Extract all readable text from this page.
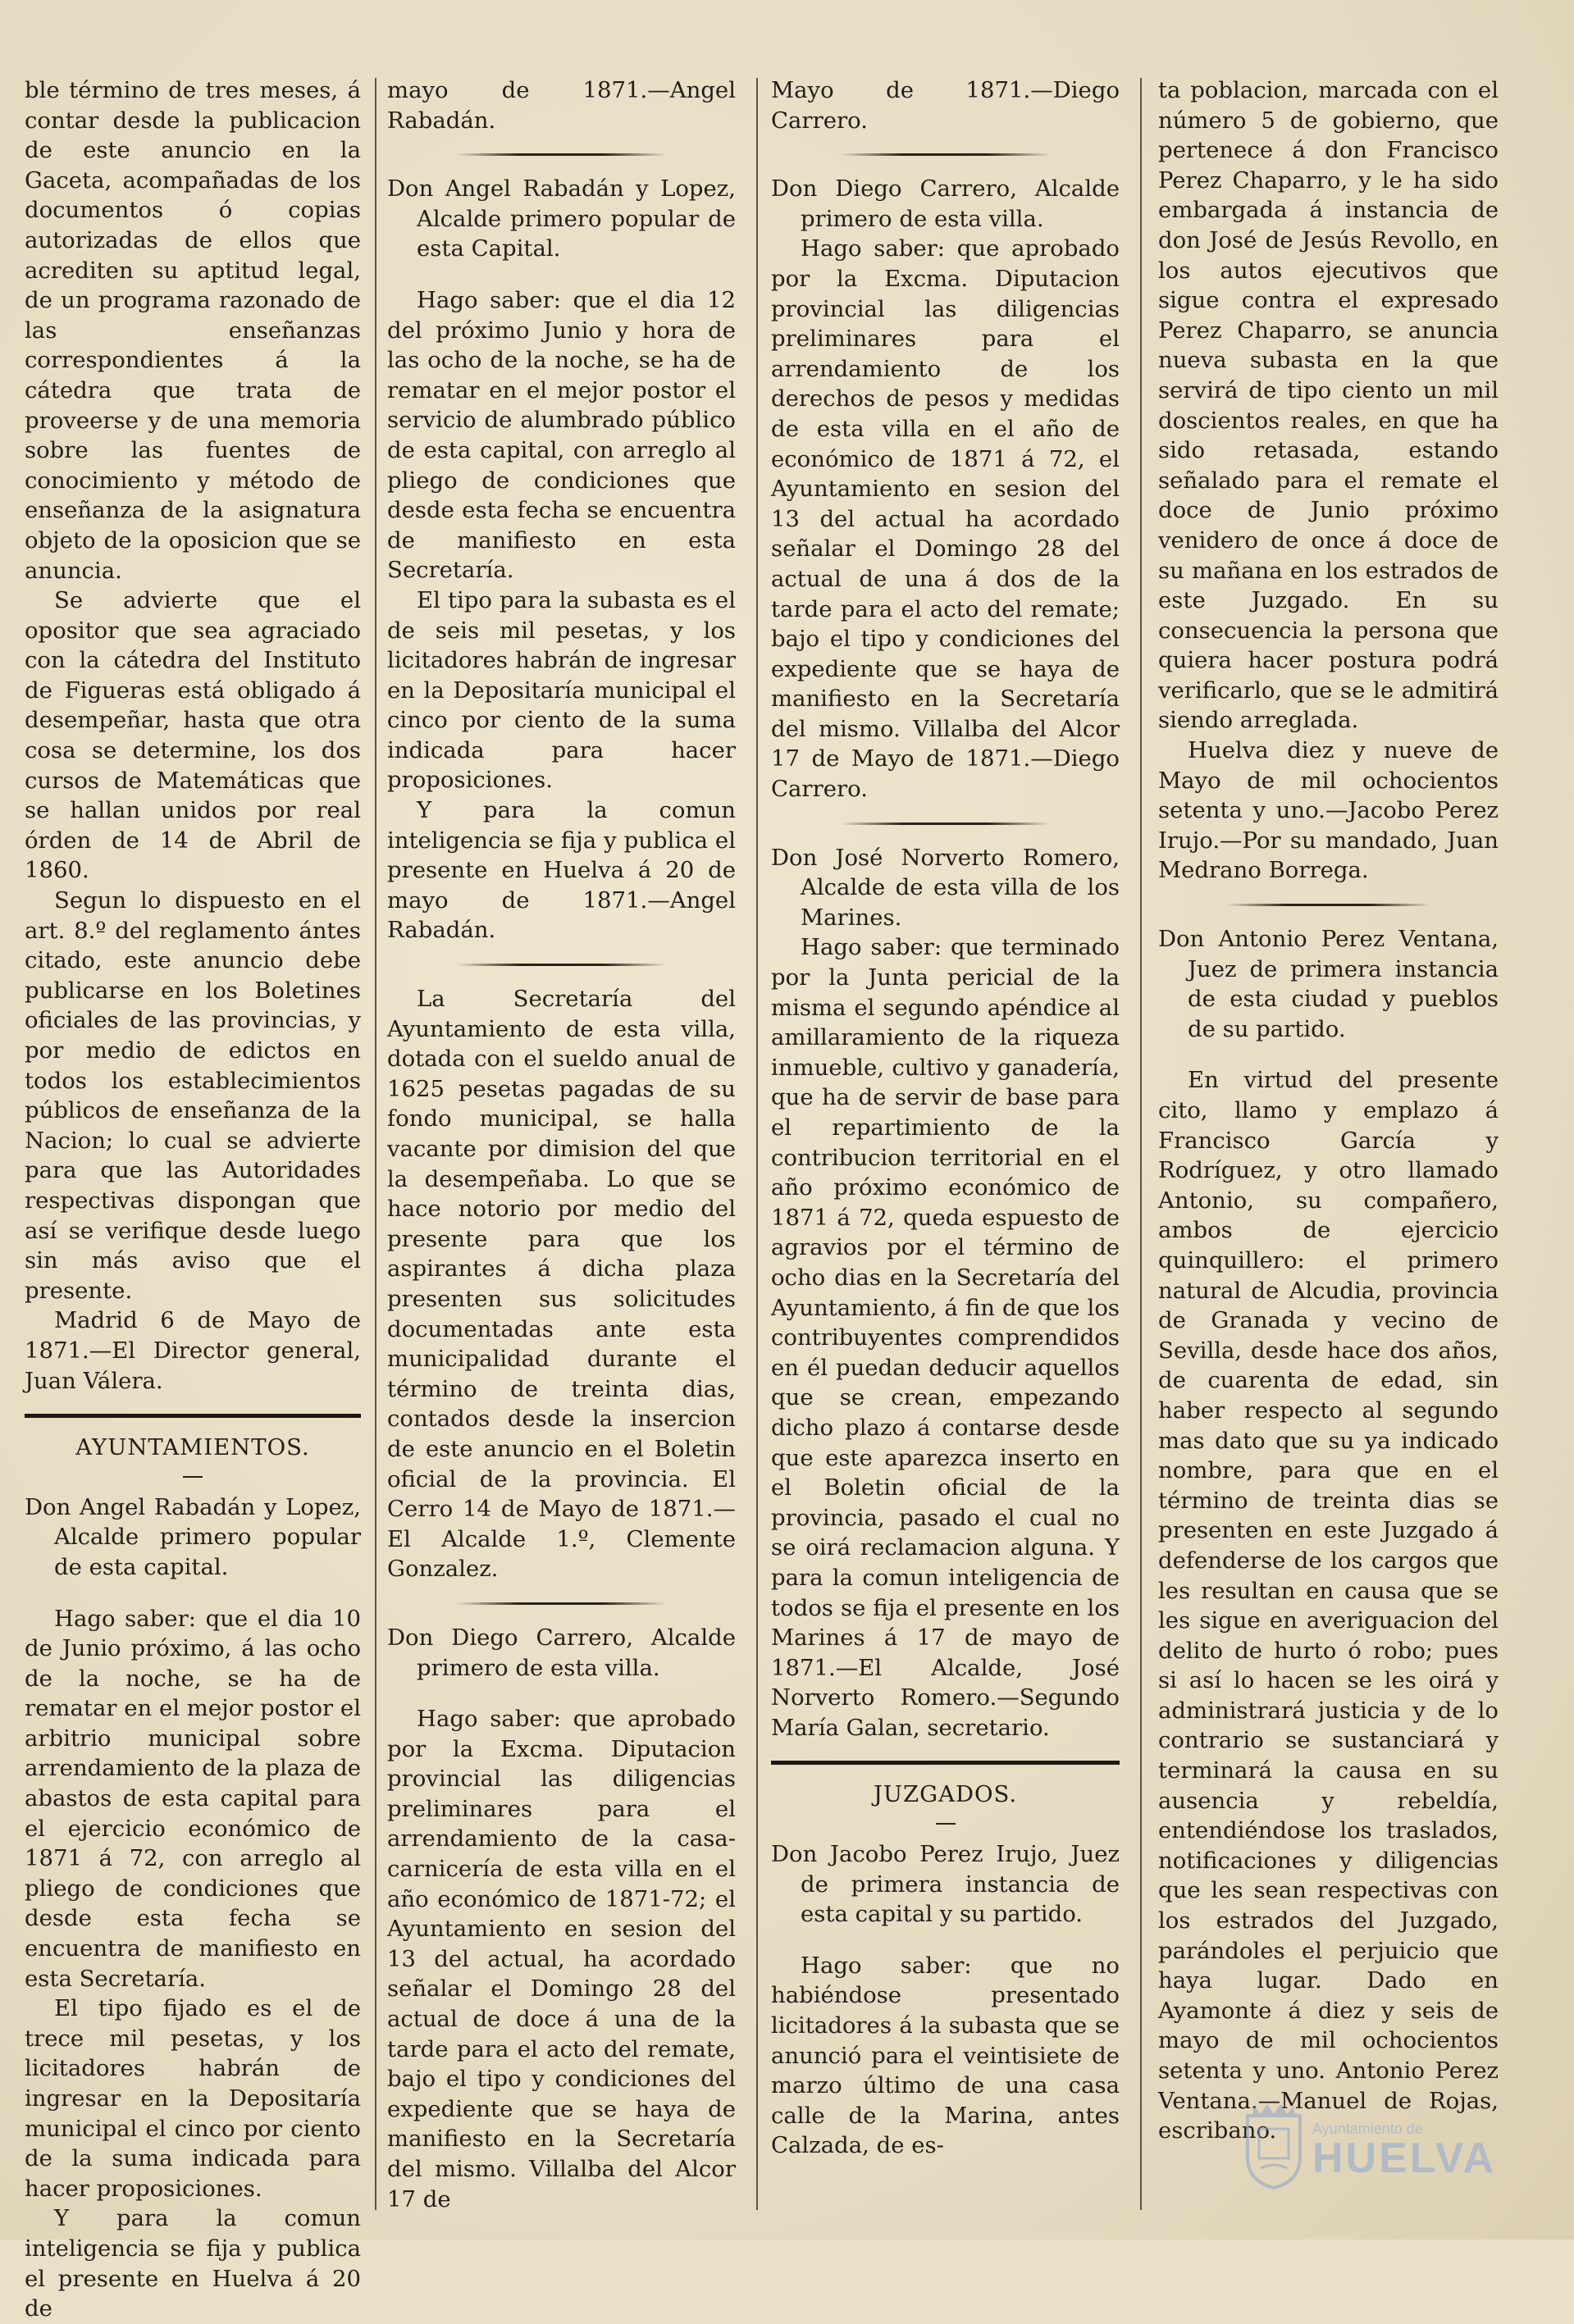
ble término de tres meses, á contar desde la publicacion de este anuncio en la Gaceta, acompañadas de los documentos ó copias autorizadas de ellos que acrediten su aptitud legal, de un programa razonado de las enseñanzas correspondientes á la cátedra que trata de proveerse y de una memoria sobre las fuentes de conocimiento y método de enseñanza de la asignatura objeto de la oposicion que se anuncia.

Se advierte que el opositor que sea agraciado con la cátedra del Instituto de Figueras está obligado á desempeñar, hasta que otra cosa se determine, los dos cursos de Matemáticas que se hallan unidos por real órden de 14 de Abril de 1860.

Segun lo dispuesto en el art. 8.º del reglamento ántes citado, este anuncio debe publicarse en los Boletines oficiales de las provincias, y por medio de edictos en todos los establecimientos públicos de enseñanza de la Nacion; lo cual se advierte para que las Autoridades respectivas dispongan que así se verifique desde luego sin más aviso que el presente.

Madrid 6 de Mayo de 1871.—El Director general, Juan Válera.

AYUNTAMIENTOS.

Don Angel Rabadán y Lopez, Alcalde primero popular de esta capital.

Hago saber: que el dia 10 de Junio próximo, á las ocho de la noche, se ha de rematar en el mejor postor el arbitrio municipal sobre arrendamiento de la plaza de abastos de esta capital para el ejercicio económico de 1871 á 72, con arreglo al pliego de condiciones que desde esta fecha se encuentra de manifiesto en esta Secretaría.

El tipo fijado es el de trece mil pesetas, y los licitadores habrán de ingresar en la Depositaría municipal el cinco por ciento de la suma indicada para hacer proposiciones.

Y para la comun inteligencia se fija y publica el presente en Huelva á 20 de

mayo de 1871.—Angel Rabadán.

Don Angel Rabadán y Lopez, Alcalde primero popular de esta Capital.

Hago saber: que el dia 12 del próximo Junio y hora de las ocho de la noche, se ha de rematar en el mejor postor el servicio de alumbrado público de esta capital, con arreglo al pliego de condiciones que desde esta fecha se encuentra de manifiesto en esta Secretaría.

El tipo para la subasta es el de seis mil pesetas, y los licitadores habrán de ingresar en la Depositaría municipal el cinco por ciento de la suma indicada para hacer proposiciones.

Y para la comun inteligencia se fija y publica el presente en Huelva á 20 de mayo de 1871.—Angel Rabadán.

La Secretaría del Ayuntamiento de esta villa, dotada con el sueldo anual de 1625 pesetas pagadas de su fondo municipal, se halla vacante por dimision del que la desempeñaba. Lo que se hace notorio por medio del presente para que los aspirantes á dicha plaza presenten sus solicitudes documentadas ante esta municipalidad durante el término de treinta dias, contados desde la insercion de este anuncio en el Boletin oficial de la provincia. El Cerro 14 de Mayo de 1871.—El Alcalde 1.º, Clemente Gonzalez.

Don Diego Carrero, Alcalde primero de esta villa.

Hago saber: que aprobado por la Excma. Diputacion provincial las diligencias preliminares para el arrendamiento de la casa-carnicería de esta villa en el año económico de 1871-72; el Ayuntamiento en sesion del 13 del actual, ha acordado señalar el Domingo 28 del actual de doce á una de la tarde para el acto del remate, bajo el tipo y condiciones del expediente que se haya de manifiesto en la Secretaría del mismo. Villalba del Alcor 17 de

Mayo de 1871.—Diego Carrero.

Don Diego Carrero, Alcalde primero de esta villa.

Hago saber: que aprobado por la Excma. Diputacion provincial las diligencias preliminares para el arrendamiento de los derechos de pesos y medidas de esta villa en el año de económico de 1871 á 72, el Ayuntamiento en sesion del 13 del actual ha acordado señalar el Domingo 28 del actual de una á dos de la tarde para el acto del remate; bajo el tipo y condiciones del expediente que se haya de manifiesto en la Secretaría del mismo. Villalba del Alcor 17 de Mayo de 1871.—Diego Carrero.

Don José Norverto Romero, Alcalde de esta villa de los Marines.

Hago saber: que terminado por la Junta pericial de la misma el segundo apéndice al amillaramiento de la riqueza inmueble, cultivo y ganadería, que ha de servir de base para el repartimiento de la contribucion territorial en el año próximo económico de 1871 á 72, queda espuesto de agravios por el término de ocho dias en la Secretaría del Ayuntamiento, á fin de que los contribuyentes comprendidos en él puedan deducir aquellos que se crean, empezando dicho plazo á contarse desde que este aparezca inserto en el Boletin oficial de la provincia, pasado el cual no se oirá reclamacion alguna. Y para la comun inteligencia de todos se fija el presente en los Marines á 17 de mayo de 1871.—El Alcalde, José Norverto Romero.—Segundo María Galan, secretario.

JUZGADOS.

Don Jacobo Perez Irujo, Juez de primera instancia de esta capital y su partido.

Hago saber: que no habiéndose presentado licitadores á la subasta que se anunció para el veintisiete de marzo último de una casa calle de la Marina, antes Calzada, de es-

ta poblacion, marcada con el número 5 de gobierno, que pertenece á don Francisco Perez Chaparro, y le ha sido embargada á instancia de don José de Jesús Revollo, en los autos ejecutivos que sigue contra el expresado Perez Chaparro, se anuncia nueva subasta en la que servirá de tipo ciento un mil doscientos reales, en que ha sido retasada, estando señalado para el remate el doce de Junio próximo venidero de once á doce de su mañana en los estrados de este Juzgado. En su consecuencia la persona que quiera hacer postura podrá verificarlo, que se le admitirá siendo arreglada.

Huelva diez y nueve de Mayo de mil ochocientos setenta y uno.—Jacobo Perez Irujo.—Por su mandado, Juan Medrano Borrega.

Don Antonio Perez Ventana, Juez de primera instancia de esta ciudad y pueblos de su partido.

En virtud del presente cito, llamo y emplazo á Francisco García y Rodríguez, y otro llamado Antonio, su compañero, ambos de ejercicio quinquillero: el primero natural de Alcudia, provincia de Granada y vecino de Sevilla, desde hace dos años, de cuarenta de edad, sin haber respecto al segundo mas dato que su ya indicado nombre, para que en el término de treinta dias se presenten en este Juzgado á defenderse de los cargos que les resultan en causa que se les sigue en averiguacion del delito de hurto ó robo; pues si así lo hacen se les oirá y administrará justicia y de lo contrario se sustanciará y terminará la causa en su ausencia y rebeldía, entendiéndose los traslados, notificaciones y diligencias que les sean respectivas con los estrados del Juzgado, parándoles el perjuicio que haya lugar. Dado en Ayamonte á diez y seis de mayo de mil ochocientos setenta y uno. Antonio Perez Ventana.—Manuel de Rojas, escribano.	Ayuntamiento de
HUELVA
